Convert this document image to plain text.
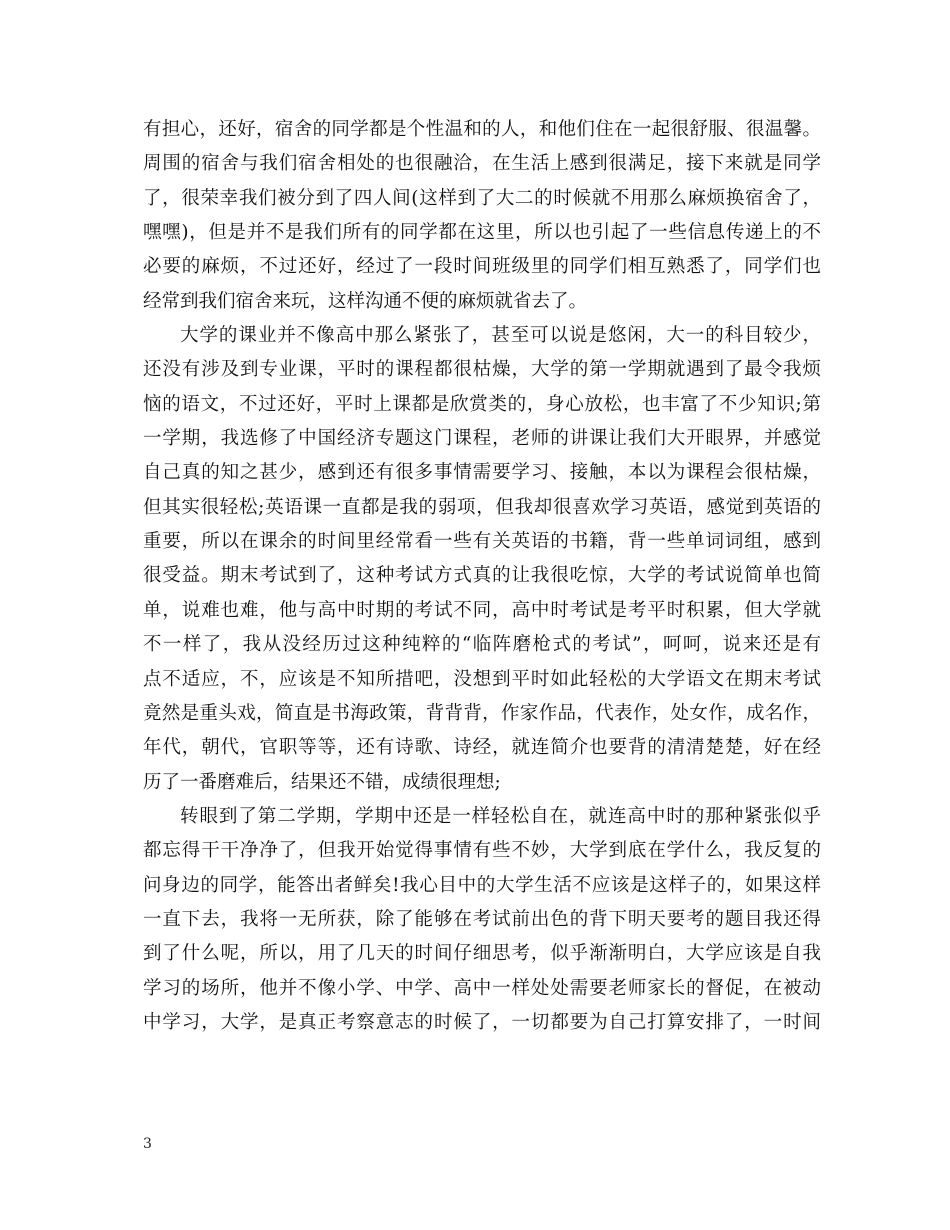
有担心，还好，宿舍的同学都是个性温和的人，和他们住在一起很舒服、很温馨。
周围的宿舍与我们宿舍相处的也很融洽，在生活上感到很满足，接下来就是同学
了，很荣幸我们被分到了四人间(这样到了大二的时候就不用那么麻烦换宿舍了，
嘿嘿)，但是并不是我们所有的同学都在这里，所以也引起了一些信息传递上的不
必要的麻烦，不过还好，经过了一段时间班级里的同学们相互熟悉了，同学们也
经常到我们宿舍来玩，这样沟通不便的麻烦就省去了。
大学的课业并不像高中那么紧张了，甚至可以说是悠闲，大一的科目较少，
还没有涉及到专业课，平时的课程都很枯燥，大学的第一学期就遇到了最令我烦
恼的语文，不过还好，平时上课都是欣赏类的，身心放松，也丰富了不少知识;第
一学期，我选修了中国经济专题这门课程，老师的讲课让我们大开眼界，并感觉
自己真的知之甚少，感到还有很多事情需要学习、接触，本以为课程会很枯燥，
但其实很轻松;英语课一直都是我的弱项，但我却很喜欢学习英语，感觉到英语的
重要，所以在课余的时间里经常看一些有关英语的书籍，背一些单词词组，感到
很受益。期末考试到了，这种考试方式真的让我很吃惊，大学的考试说简单也简
单，说难也难，他与高中时期的考试不同，高中时考试是考平时积累，但大学就
不一样了，我从没经历过这种纯粹的“临阵磨枪式的考试”，呵呵，说来还是有
点不适应，不，应该是不知所措吧，没想到平时如此轻松的大学语文在期末考试
竟然是重头戏，简直是书海政策，背背背，作家作品，代表作，处女作，成名作，
年代，朝代，官职等等，还有诗歌、诗经，就连简介也要背的清清楚楚，好在经
历了一番磨难后，结果还不错，成绩很理想;
转眼到了第二学期，学期中还是一样轻松自在，就连高中时的那种紧张似乎
都忘得干干净净了，但我开始觉得事情有些不妙，大学到底在学什么，我反复的
问身边的同学，能答出者鲜矣!我心目中的大学生活不应该是这样子的，如果这样
一直下去，我将一无所获，除了能够在考试前出色的背下明天要考的题目我还得
到了什么呢，所以，用了几天的时间仔细思考，似乎渐渐明白，大学应该是自我
学习的场所，他并不像小学、中学、高中一样处处需要老师家长的督促，在被动
中学习，大学，是真正考察意志的时候了，一切都要为自己打算安排了，一时间
3
